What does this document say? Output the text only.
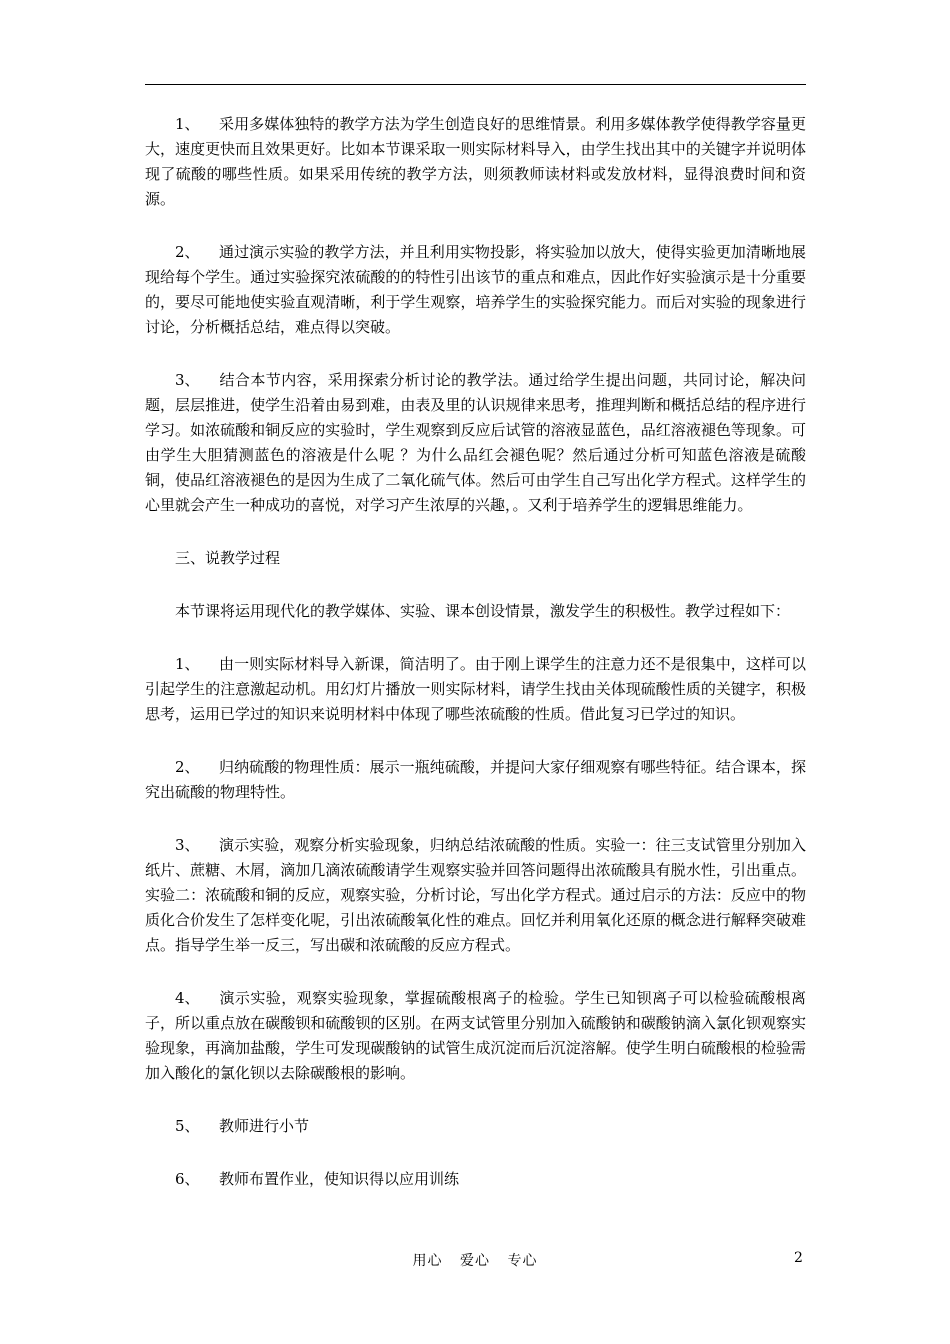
1、 采用多媒体独特的教学方法为学生创造良好的思维情景。利用多媒体教学使得教学容量更大，速度更快而且效果更好。比如本节课采取一则实际材料导入，由学生找出其中的关键字并说明体现了硫酸的哪些性质。如果采用传统的教学方法，则须教师读材料或发放材料，显得浪费时间和资源。

2、 通过演示实验的教学方法，并且利用实物投影，将实验加以放大，使得实验更加清晰地展现给每个学生。通过实验探究浓硫酸的的特性引出该节的重点和难点，因此作好实验演示是十分重要的，要尽可能地使实验直观清晰，利于学生观察，培养学生的实验探究能力。而后对实验的现象进行讨论，分析概括总结，难点得以突破。

3、 结合本节内容，采用探索分析讨论的教学法。通过给学生提出问题，共同讨论，解决问题，层层推进，使学生沿着由易到难，由表及里的认识规律来思考，推理判断和概括总结的程序进行学习。如浓硫酸和铜反应的实验时，学生观察到反应后试管的溶液显蓝色，品红溶液褪色等现象。可由学生大胆猜测蓝色的溶液是什么呢 ？为什么品红会褪色呢？然后通过分析可知蓝色溶液是硫酸铜，使品红溶液褪色的是因为生成了二氧化硫气体。然后可由学生自己写出化学方程式。这样学生的心里就会产生一种成功的喜悦，对学习产生浓厚的兴趣，。又利于培养学生的逻辑思维能力。

三、说教学过程

本节课将运用现代化的教学媒体、实验、课本创设情景，激发学生的积极性。教学过程如下：

1、 由一则实际材料导入新课，简洁明了。由于刚上课学生的注意力还不是很集中，这样可以引起学生的注意激起动机。用幻灯片播放一则实际材料，请学生找由关体现硫酸性质的关键字，积极思考，运用已学过的知识来说明材料中体现了哪些浓硫酸的性质。借此复习已学过的知识。

2、 归纳硫酸的物理性质：展示一瓶纯硫酸，并提问大家仔细观察有哪些特征。结合课本，探究出硫酸的物理特性。

3、 演示实验，观察分析实验现象，归纳总结浓硫酸的性质。实验一：往三支试管里分别加入纸片、蔗糖、木屑，滴加几滴浓硫酸请学生观察实验并回答问题得出浓硫酸具有脱水性，引出重点。实验二：浓硫酸和铜的反应，观察实验，分析讨论，写出化学方程式。通过启示的方法：反应中的物质化合价发生了怎样变化呢，引出浓硫酸氧化性的难点。回忆并利用氧化还原的概念进行解释突破难点。指导学生举一反三，写出碳和浓硫酸的反应方程式。

4、 演示实验，观察实验现象，掌握硫酸根离子的检验。学生已知钡离子可以检验硫酸根离子，所以重点放在碳酸钡和硫酸钡的区别。在两支试管里分别加入硫酸钠和碳酸钠滴入氯化钡观察实验现象，再滴加盐酸，学生可发现碳酸钠的试管生成沉淀而后沉淀溶解。使学生明白硫酸根的检验需加入酸化的氯化钡以去除碳酸根的影响。

5、 教师进行小节

6、 教师布置作业，使知识得以应用训练

用心 爱心 专心	2
